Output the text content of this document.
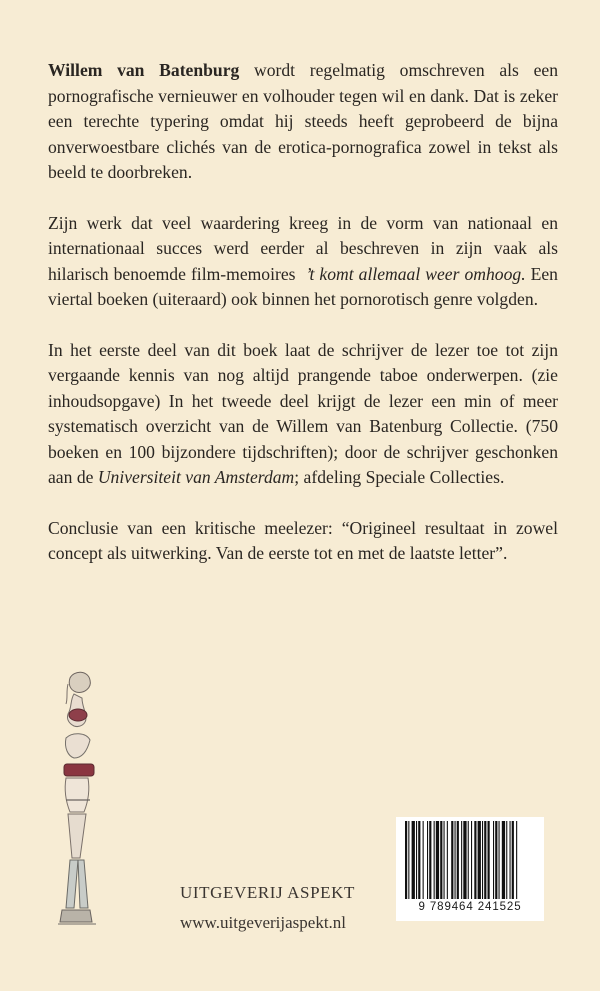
Willem van Batenburg wordt regelmatig omschreven als een pornografische vernieuwer en volhouder tegen wil en dank. Dat is zeker een terechte typering omdat hij steeds heeft geprobeerd de bijna onverwoestbare clichés van de erotica-pornografica zowel in tekst als beeld te doorbreken.

Zijn werk dat veel waardering kreeg in de vorm van nationaal en internationaal succes werd eerder al beschreven in zijn vaak als hilarisch benoemde film-memoires  ’t komt allemaal weer omhoog. Een viertal boeken (uiteraard) ook binnen het pornorotisch genre volgden.

In het eerste deel van dit boek laat de schrijver de lezer toe tot zijn vergaande kennis van nog altijd prangende taboe onderwerpen. (zie inhoudsopgave) In het tweede deel krijgt de lezer een min of meer systematisch overzicht van de Willem van Batenburg Collectie. (750 boeken en 100 bijzondere tijdschriften); door de schrijver geschonken aan de Universiteit van Amsterdam; afdeling Speciale Collecties.

Conclusie van een kritische meelezer: “Origineel resultaat in zowel concept als uitwerking. Van de eerste tot en met de laatste letter”.

UITGEVERIJ ASPEKT
www.uitgeverijaspekt.nl
9 789464 241525
